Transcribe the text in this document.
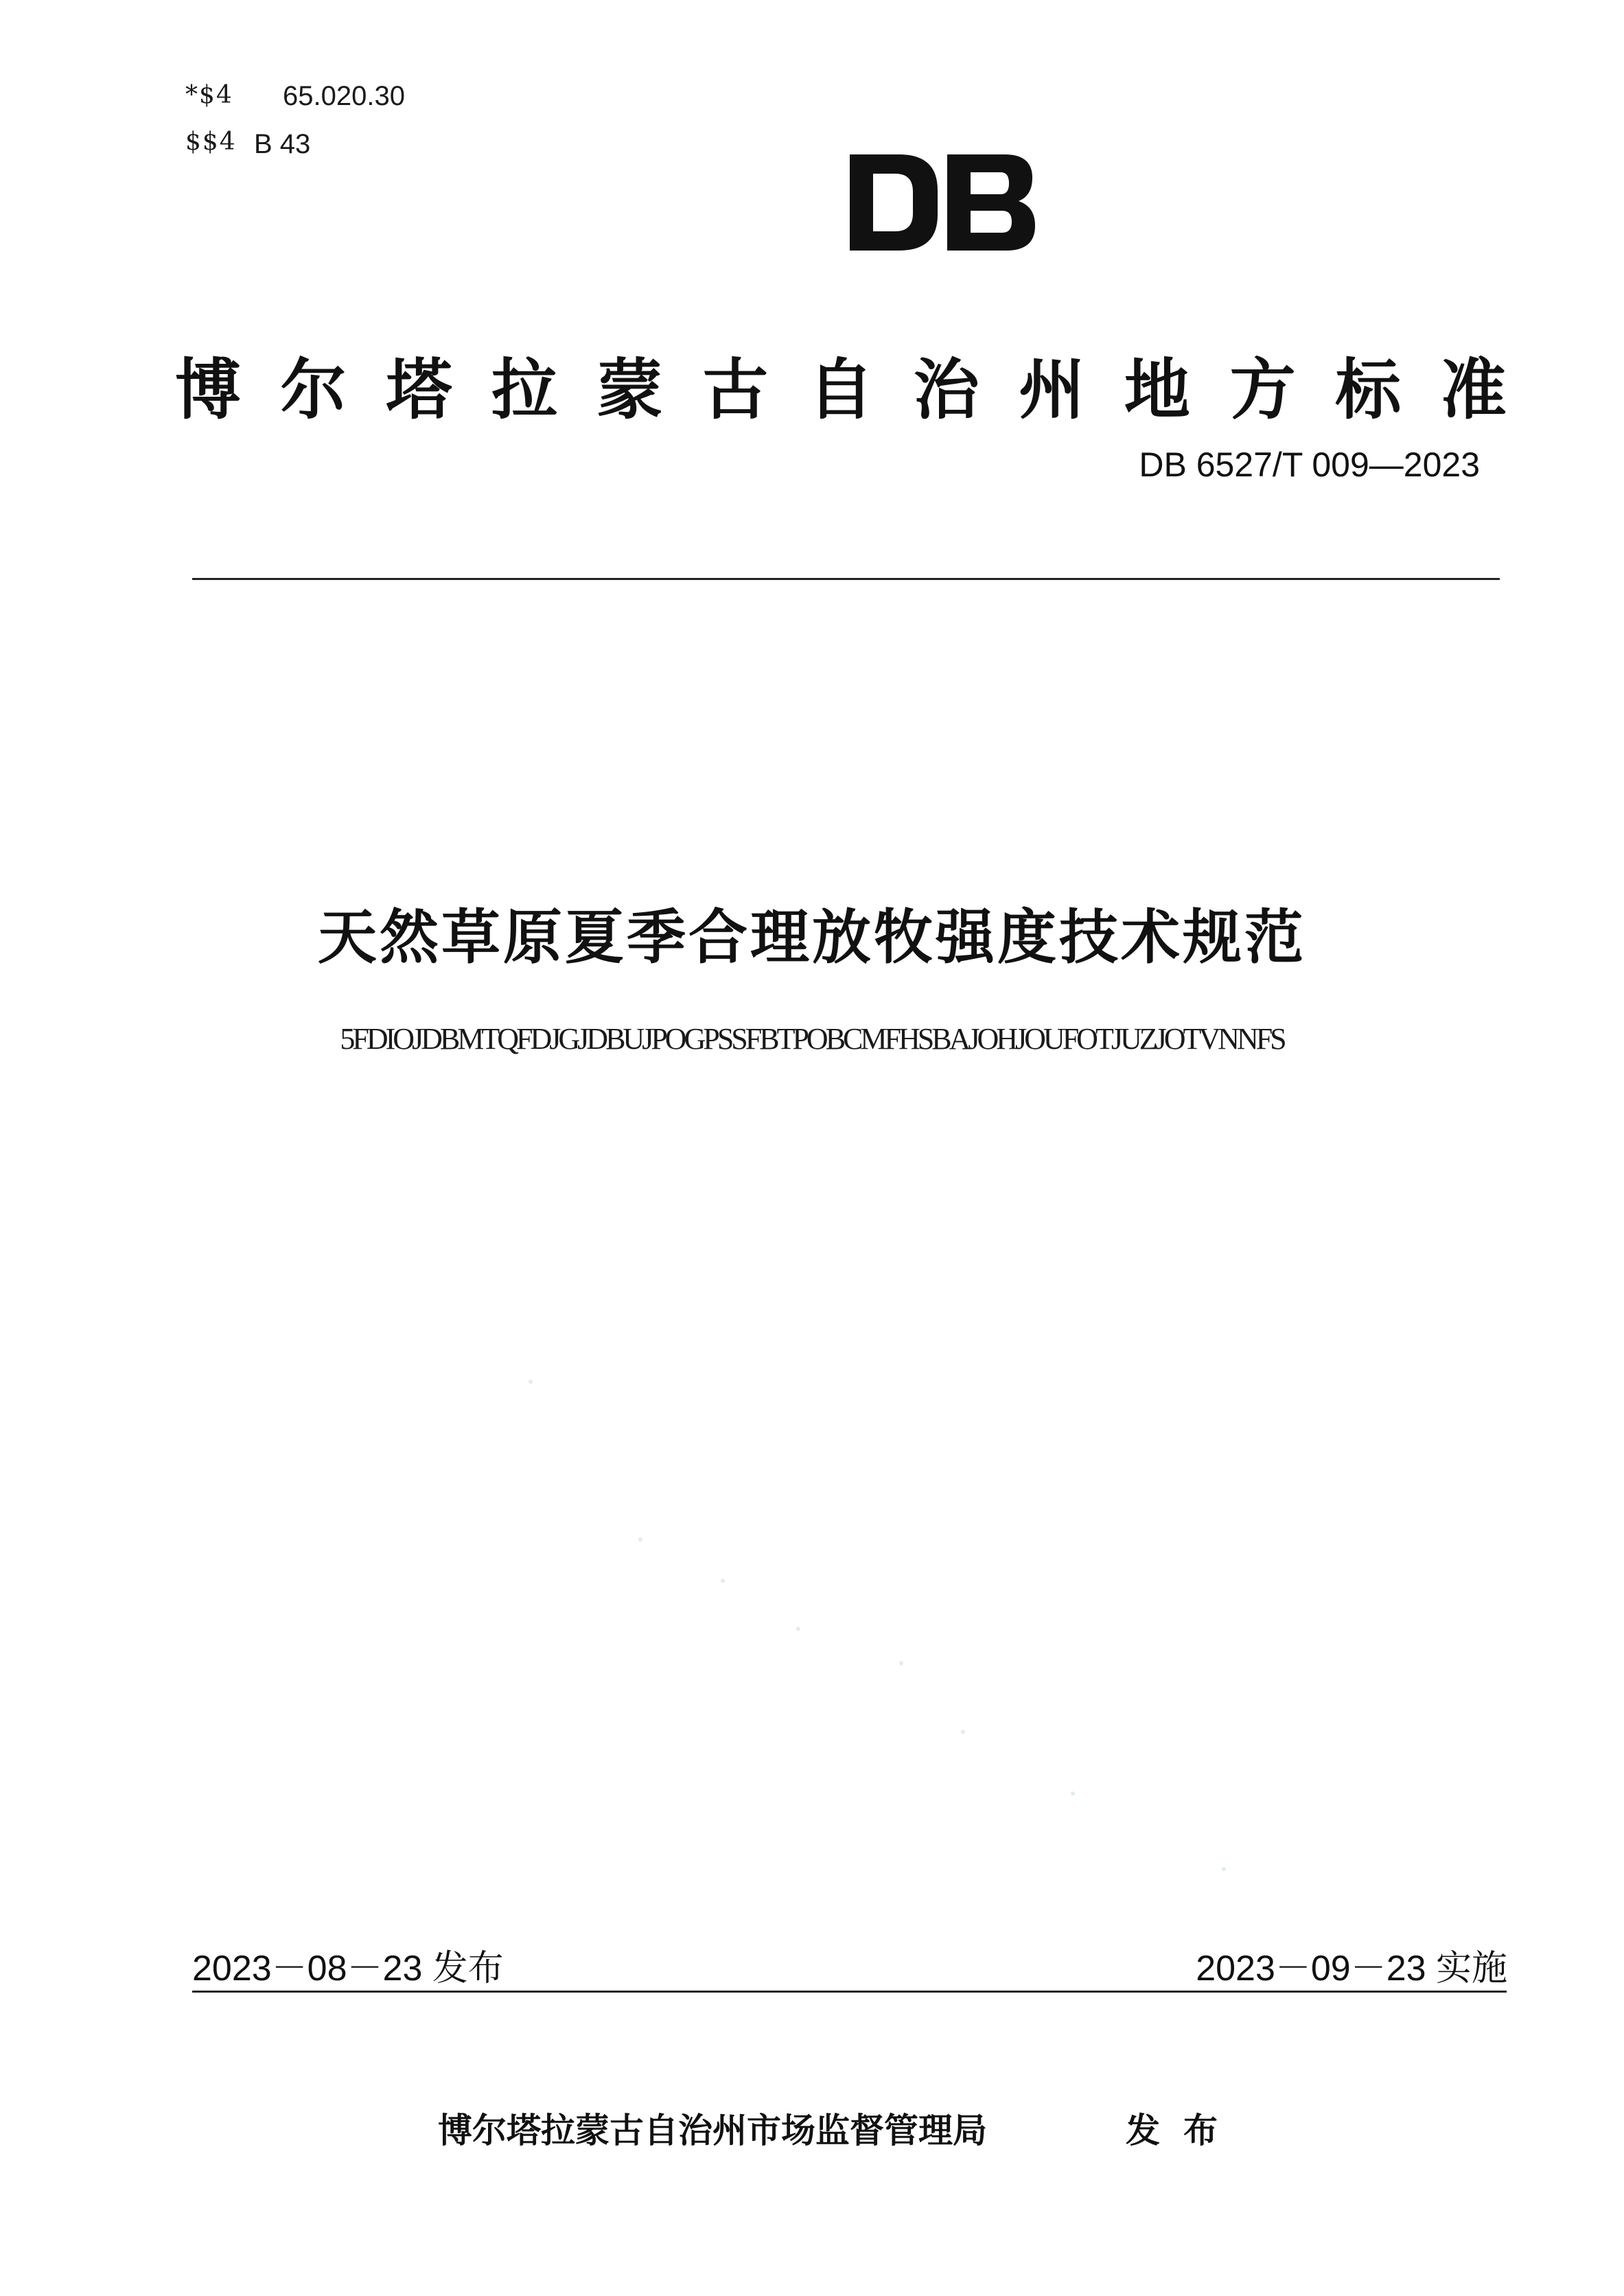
*$4 65.020.30
$$4 B 43
博 尔 塔 拉 蒙 古 自 治 州 地 方 标 准
DB 6527/T 009—2023
天然草原夏季合理放牧强度技术规范
5FDIOJDBMTQFDJGJDBUJPOGPSSFBTPOBCMFHSBAJOHJOUFOTJUZJOTVNNFS
2023－08－23 发布	2023－09－23 实施
博尔塔拉蒙古自治州市场监督管理局	发布
